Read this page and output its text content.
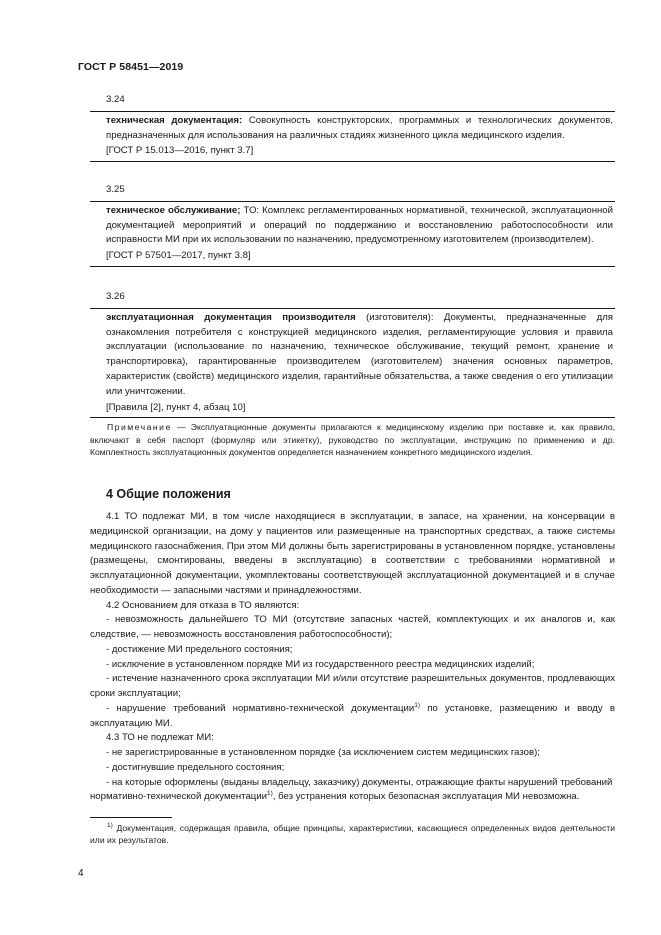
ГОСТ Р 58451—2019
3.24
техническая документация: Совокупность конструкторских, программных и технологических документов, предназначенных для использования на различных стадиях жизненного цикла медицинского изделия.
[ГОСТ Р 15.013—2016, пункт 3.7]
3.25
техническое обслуживание; ТО: Комплекс регламентированных нормативной, технической, эксплуатационной документацией мероприятий и операций по поддержанию и восстановлению работоспособности или исправности МИ при их использовании по назначению, предусмотренному изготовителем (производителем).
[ГОСТ Р 57501—2017, пункт 3.8]
3.26
эксплуатационная документация производителя (изготовителя): Документы, предназначенные для ознакомления потребителя с конструкцией медицинского изделия, регламентирующие условия и правила эксплуатации (использование по назначению, техническое обслуживание, текущий ремонт, хранение и транспортировка), гарантированные производителем (изготовителем) значения основных параметров, характеристик (свойств) медицинского изделия, гарантийные обязательства, а также сведения о его утилизации или уничтожении.
[Правила [2], пункт 4, абзац 10]
Примечание — Эксплуатационные документы прилагаются к медицинскому изделию при поставке и, как правило, включают в себя паспорт (формуляр или этикетку), руководство по эксплуатации, инструкцию по применению и др. Комплектность эксплуатационных документов определяется назначением конкретного медицинского изделия.
4 Общие положения

4.1 ТО подлежат МИ, в том числе находящиеся в эксплуатации, в запасе, на хранении, на консервации в медицинской организации, на дому у пациентов или размещенные на транспортных средствах, а также системы медицинского газоснабжения. При этом МИ должны быть зарегистрированы в установленном порядке, установлены (размещены, смонтированы, введены в эксплуатацию) в соответствии с требованиями нормативной и эксплуатационной документации, укомплектованы соответствующей эксплуатационной документацией и в случае необходимости — запасными частями и принадлежностями.

4.2 Основанием для отказа в ТО являются:

- невозможность дальнейшего ТО МИ (отсутствие запасных частей, комплектующих и их аналогов и, как следствие, — невозможность восстановления работоспособности);

- достижение МИ предельного состояния;

- исключение в установленном порядке МИ из государственного реестра медицинских изделий;

- истечение назначенного срока эксплуатации МИ и/или отсутствие разрешительных документов, продлевающих сроки эксплуатации;

- нарушение требований нормативно-технической документации$^{1)}$ по установке, размещению и вводу в эксплуатацию МИ.

4.3 ТО не подлежат МИ:

- не зарегистрированные в установленном порядке (за исключением систем медицинских газов);

- достигнувшие предельного состояния;

- на которые оформлены (выданы владельцу, заказчику) документы, отражающие факты нарушений требований нормативно-технической документации$^{1)}$, без устранения которых безопасная эксплуатация МИ невозможна.

$^{1)}$ Документация, содержащая правила, общие принципы, характеристики, касающиеся определенных видов деятельности или их результатов.
4
